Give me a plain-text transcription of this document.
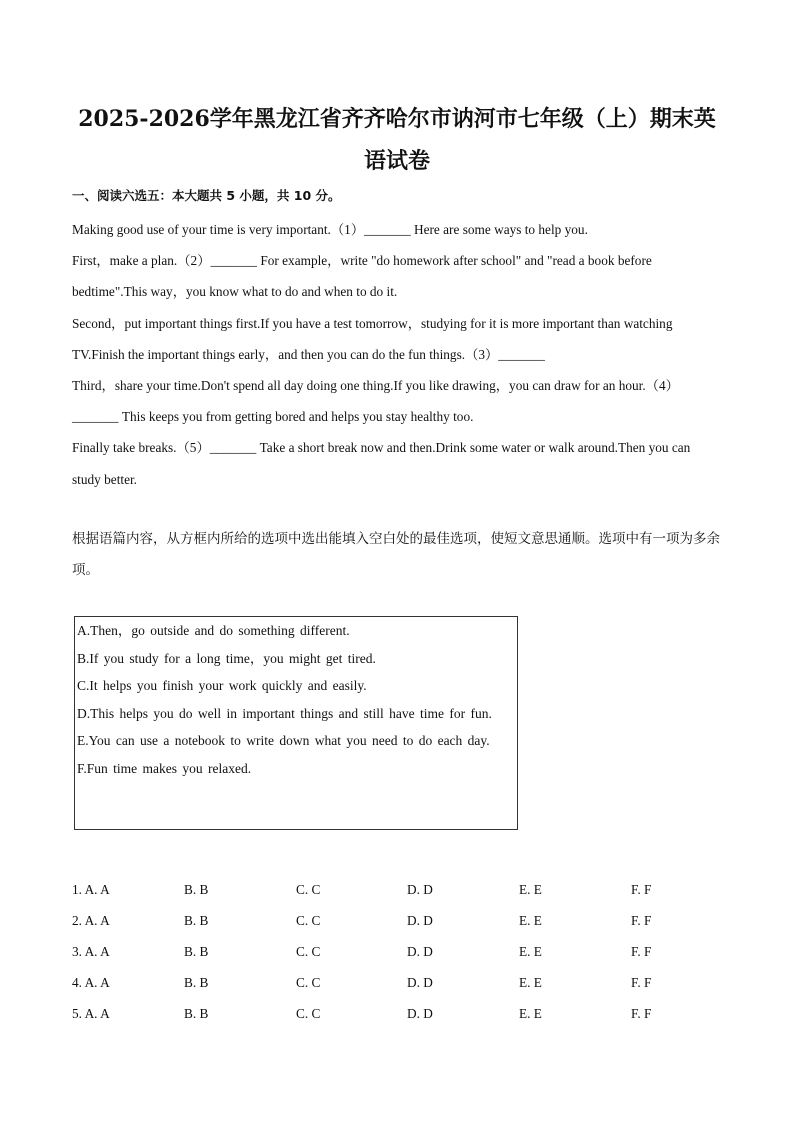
2025-2026学年黑龙江省齐齐哈尔市讷河市七年级（上）期末英语试卷
一、阅读六选五：本大题共 5 小题，共 10 分。

Making good use of your time is very important.（1）_______ Here are some ways to help you.

First，make a plan.（2）_______ For example，write "do homework after school" and "read a book before bedtime".This way，you know what to do and when to do it.

Second，put important things first.If you have a test tomorrow，studying for it is more important than watching TV.Finish the important things early，and then you can do the fun things.（3）_______

Third，share your time.Don't spend all day doing one thing.If you like drawing，you can draw for an hour.（4）_______ This keeps you from getting bored and helps you stay healthy too.

Finally take breaks.（5）_______ Take a short break now and then.Drink some water or walk around.Then you can study better.

根据语篇内容，从方框内所给的选项中选出能填入空白处的最佳选项，使短文意思通顺。选项中有一项为多余项。
A.Then，go outside and do something different.
B.If you study for a long time，you might get tired.
C.It helps you finish your work quickly and easily.
D.This helps you do well in important things and still have time for fun.
E.You can use a notebook to write down what you need to do each day.
F.Fun time makes you relaxed.
1. A. A	B. B	C. C	D. D	E. E	F. F
2. A. A	B. B	C. C	D. D	E. E	F. F
3. A. A	B. B	C. C	D. D	E. E	F. F
4. A. A	B. B	C. C	D. D	E. E	F. F
5. A. A	B. B	C. C	D. D	E. E	F. F
